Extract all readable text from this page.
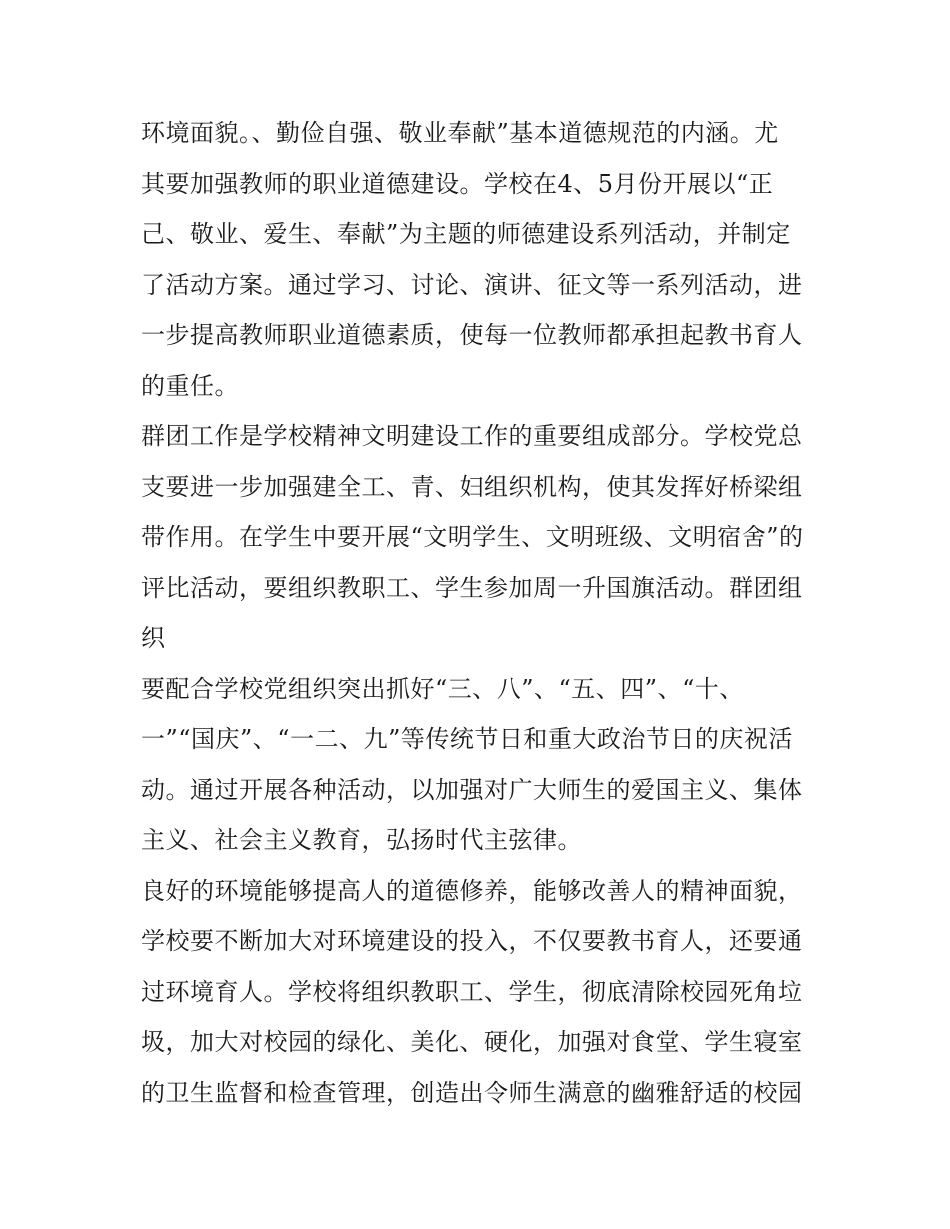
环境面貌。、勤俭自强、敬业奉献”基本道德规范的内涵。尤
其要加强教师的职业道德建设。学校在4、5月份开展以“正
己、敬业、爱生、奉献”为主题的师德建设系列活动，并制定
了活动方案。通过学习、讨论、演讲、征文等一系列活动，进
一步提高教师职业道德素质，使每一位教师都承担起教书育人
的重任。
群团工作是学校精神文明建设工作的重要组成部分。学校党总
支要进一步加强建全工、青、妇组织机构，使其发挥好桥梁组
带作用。在学生中要开展“文明学生、文明班级、文明宿舍”的
评比活动，要组织教职工、学生参加周一升国旗活动。群团组
织
要配合学校党组织突出抓好“三、八”、“五、四”、“十、
一”“国庆”、“一二、九”等传统节日和重大政治节日的庆祝活
动。通过开展各种活动，以加强对广大师生的爱国主义、集体
主义、社会主义教育，弘扬时代主弦律。
良好的环境能够提高人的道德修养，能够改善人的精神面貌，
学校要不断加大对环境建设的投入，不仅要教书育人，还要通
过环境育人。学校将组织教职工、学生，彻底清除校园死角垃
圾，加大对校园的绿化、美化、硬化，加强对食堂、学生寝室
的卫生监督和检查管理，创造出令师生满意的幽雅舒适的校园
